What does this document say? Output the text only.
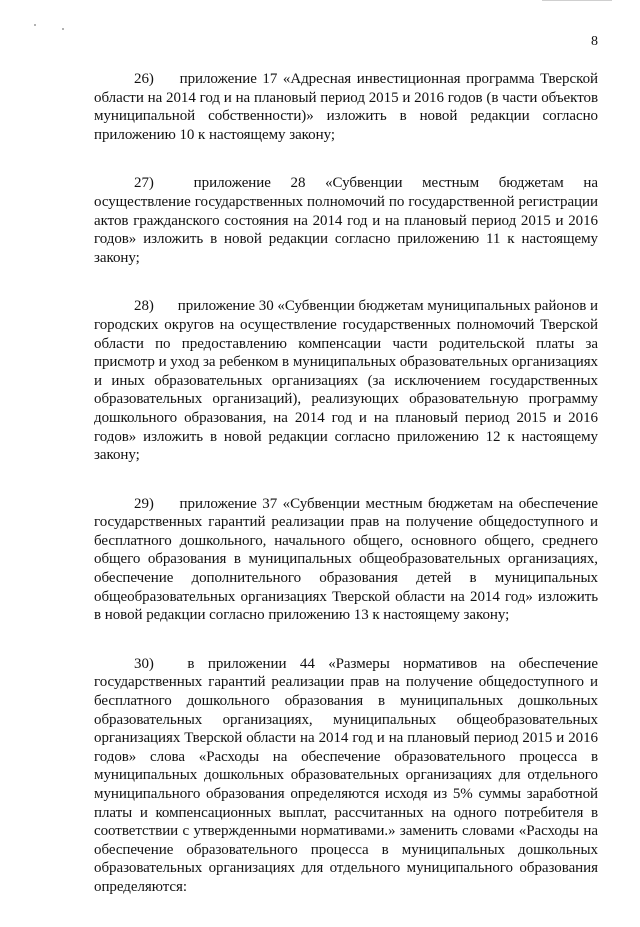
8

26) приложение 17 «Адресная инвестиционная программа Тверской области на 2014 год и на плановый период 2015 и 2016 годов (в части объектов муниципальной собственности)» изложить в новой редакции согласно приложению 10 к настоящему закону;

27)	приложение 28 «Субвенции местным бюджетам на осуществление государственных полномочий по государственной регистрации актов гражданского состояния на 2014 год и на плановый период 2015 и 2016 годов» изложить в новой редакции согласно приложению 11 к настоящему закону;

28) приложение 30 «Субвенции бюджетам муниципальных районов и городских округов на осуществление государственных полномочий Тверской области по предоставлению компенсации части родительской платы за присмотр и уход за ребенком в муниципальных образовательных организациях и иных образовательных организациях (за исключением государственных образовательных организаций), реализующих образовательную программу дошкольного образования, на 2014 год и на плановый период 2015 и 2016 годов» изложить в новой редакции согласно приложению 12 к настоящему закону;

29) приложение 37 «Субвенции местным бюджетам на обеспечение государственных гарантий реализации прав на получение общедоступного и бесплатного дошкольного, начального общего, основного общего, среднего общего образования в муниципальных общеобразовательных организациях, обеспечение дополнительного образования детей в муниципальных общеобразовательных организациях Тверской области на 2014 год» изложить в новой редакции согласно приложению 13 к настоящему закону;

30) в приложении 44 «Размеры нормативов на обеспечение государственных гарантий реализации прав на получение общедоступного и бесплатного дошкольного образования в муниципальных дошкольных образовательных организациях, муниципальных общеобразовательных организациях Тверской области на 2014 год и на плановый период 2015 и 2016 годов» слова «Расходы на обеспечение образовательного процесса в муниципальных дошкольных образовательных организациях для отдельного муниципального образования определяются исходя из 5% суммы заработной платы и компенсационных выплат, рассчитанных на одного потребителя в соответствии с утвержденными нормативами.» заменить словами «Расходы на обеспечение образовательного процесса в муниципальных дошкольных образовательных организациях для отдельного муниципального образования определяются:
